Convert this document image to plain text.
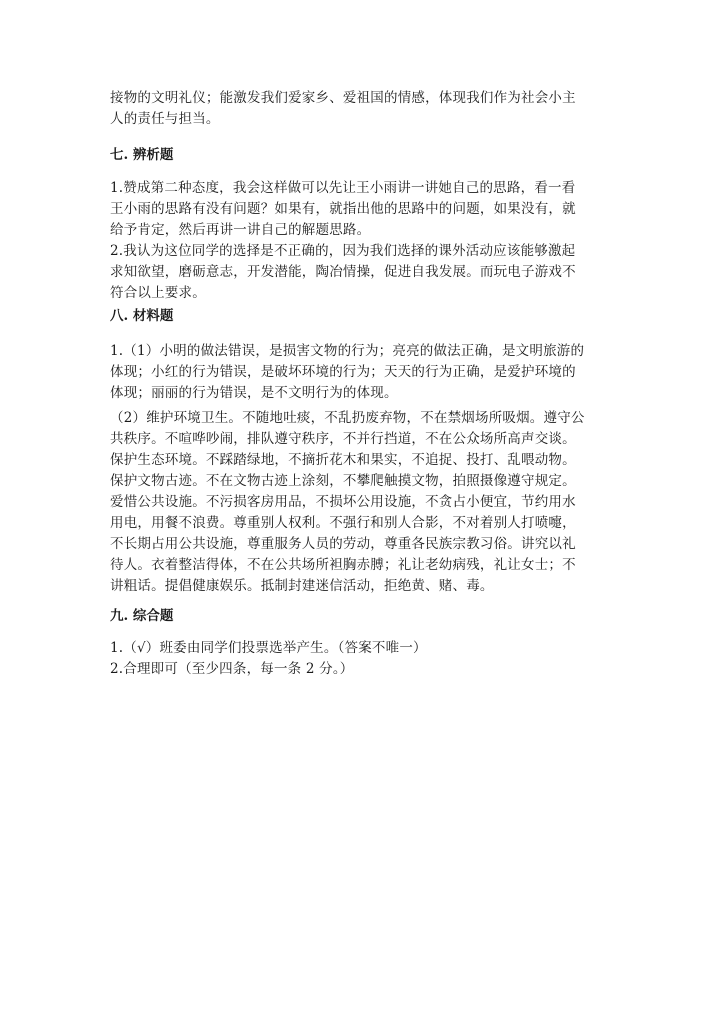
接物的文明礼仪；能激发我们爱家乡、爱祖国的情感，体现我们作为社会小主
人的责任与担当。
七. 辨析题
1.赞成第二种态度，我会这样做可以先让王小雨讲一讲她自己的思路，看一看
王小雨的思路有没有问题？如果有，就指出他的思路中的问题，如果没有，就
给予肯定，然后再讲一讲自己的解题思路。
2.我认为这位同学的选择是不正确的，因为我们选择的课外活动应该能够激起
求知欲望，磨砺意志，开发潜能，陶冶情操，促进自我发展。而玩电子游戏不
符合以上要求。
八. 材料题
1.（1）小明的做法错误，是损害文物的行为；亮亮的做法正确，是文明旅游的
体现；小红的行为错误，是破坏环境的行为；天天的行为正确，是爱护环境的
体现；丽丽的行为错误，是不文明行为的体现。
（2）维护环境卫生。不随地吐痰，不乱扔废弃物，不在禁烟场所吸烟。遵守公
共秩序。不喧哗吵闹，排队遵守秩序，不并行挡道，不在公众场所高声交谈。
保护生态环境。不踩踏绿地，不摘折花木和果实，不追捉、投打、乱喂动物。
保护文物古迹。不在文物古迹上涂刻，不攀爬触摸文物，拍照摄像遵守规定。
爱惜公共设施。不污损客房用品，不损坏公用设施，不贪占小便宜，节约用水
用电，用餐不浪费。尊重别人权利。不强行和别人合影，不对着别人打喷嚏，
不长期占用公共设施，尊重服务人员的劳动，尊重各民族宗教习俗。讲究以礼
待人。衣着整洁得体，不在公共场所袒胸赤膊；礼让老幼病残，礼让女士；不
讲粗话。提倡健康娱乐。抵制封建迷信活动，拒绝黄、赌、毒。
九. 综合题
1.（√）班委由同学们投票选举产生。（答案不唯一）
2.合理即可（至少四条，每一条 2 分。）
